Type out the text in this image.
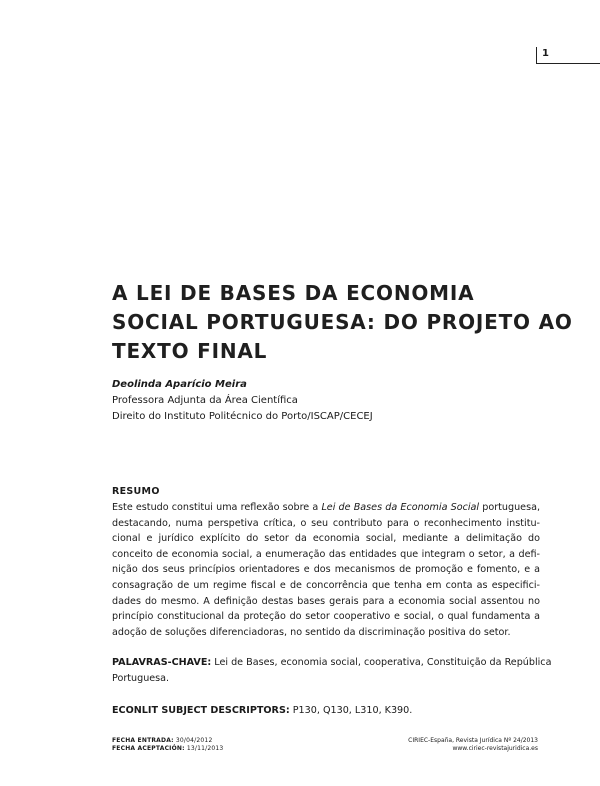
1
A LEI DE BASES DA ECONOMIA
SOCIAL PORTUGUESA: DO PROJETO AO
TEXTO FINAL
Deolinda Aparício Meira
Professora Adjunta da Área Científica
Direito do Instituto Politécnico do Porto/ISCAP/CECEJ
RESUMO
Este estudo constitui uma reflexão sobre a Lei de Bases da Economia Social portuguesa,
destacando, numa perspetiva crítica, o seu contributo para o reconhecimento institu-
cional e jurídico explícito do setor da economia social, mediante a delimitação do
conceito de economia social, a enumeração das entidades que integram o setor, a defi-
nição dos seus princípios orientadores e dos mecanismos de promoção e fomento, e a
consagração de um regime fiscal e de concorrência que tenha em conta as especifici-
dades do mesmo. A definição destas bases gerais para a economia social assentou no
princípio constitucional da proteção do setor cooperativo e social, o qual fundamenta a
adoção de soluções diferenciadoras, no sentido da discriminação positiva do setor.
PALAVRAS-CHAVE: Lei de Bases, economia social, cooperativa, Constituição da República
Portuguesa.
ECONLIT SUBJECT DESCRIPTORS: P130, Q130, L310, K390.
FECHA ENTRADA: 30/04/2012
FECHA ACEPTACIÓN: 13/11/2013
CIRIEC-España, Revista Jurídica Nº 24/2013
www.ciriec-revistajuridica.es
